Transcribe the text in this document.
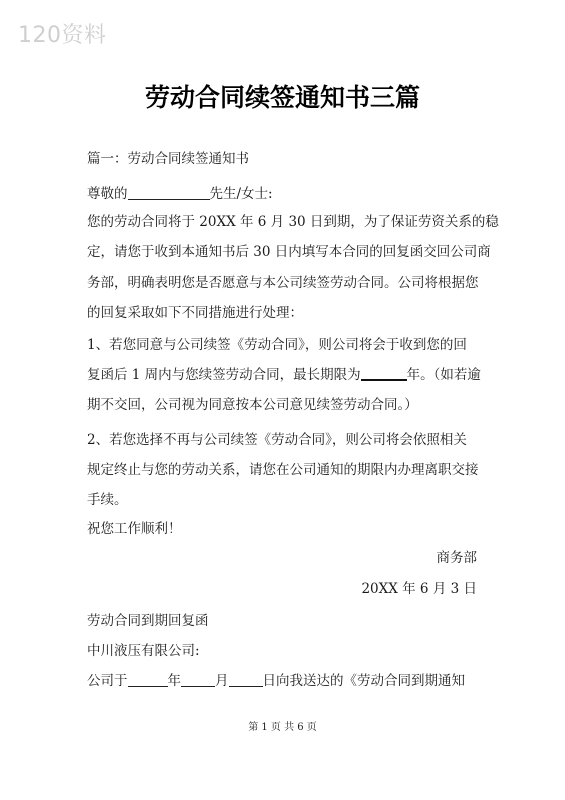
120资料
劳动合同续签通知书三篇
篇一：劳动合同续签通知书
尊敬的	先生/女士:
您的劳动合同将于 20XX 年 6 月 30 日到期，为了保证劳资关系的稳
定，请您于收到本通知书后 30 日内填写本合同的回复函交回公司商
务部，明确表明您是否愿意与本公司续签劳动合同。公司将根据您
的回复采取如下不同措施进行处理：
1、若您同意与公司续签《劳动合同》，则公司将会于收到您的回
复函后 1 周内与您续签劳动合同，最长期限为	年。（如若逾
期不交回，公司视为同意按本公司意见续签劳动合同。）
2、若您选择不再与公司续签《劳动合同》，则公司将会依照相关
规定终止与您的劳动关系，请您在公司通知的期限内办理离职交接
手续。
祝您工作顺利！
商务部
20XX 年 6 月 3 日
劳动合同到期回复函
中川液压有限公司:
公司于	年	月	日向我送达的《劳动合同到期通知
第 1 页 共 6 页
